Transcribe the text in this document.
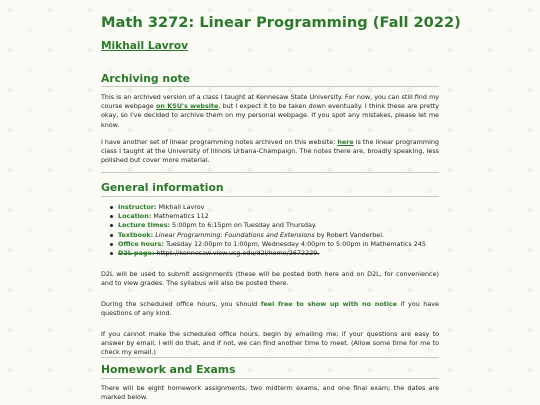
Math 3272: Linear Programming (Fall 2022)
Mikhail Lavrov
Archiving note

This is an archived version of a class I taught at Kennesaw State University. For now, you can still find my course webpage on KSU's website, but I expect it to be taken down eventually. I think these are pretty okay, so I've decided to archive them on my personal webpage. If you spot any mistakes, please let me know.

I have another set of linear programming notes archived on this website: here is the linear programming class I taught at the University of Illinois Urbana-Champaign. The notes there are, broadly speaking, less polished but cover more material.

General information
Instructor: Mikhail Lavrov
Location: Mathematics 112
Lecture times: 5:00pm to 6:15pm on Tuesday and Thursday.
Textbook: Linear Programming: Foundations and Extensions by Robert Vanderbei.
Office hours: Tuesday 12:00pm to 1:00pm, Wednesday 4:00pm to 5:00pm in Mathematics 245
D2L page: https://kennesaw.view.usg.edu/d2l/home/2672229.

D2L will be used to submit assignments (these will be posted both here and on D2L, for convenience) and to view grades. The syllabus will also be posted there.

During the scheduled office hours, you should feel free to show up with no notice if you have questions of any kind.

If you cannot make the scheduled office hours, begin by emailing me; if your questions are easy to answer by email, I will do that, and if not, we can find another time to meet. (Allow some time for me to check my email.)

Homework and Exams

There will be eight homework assignments, two midterm exams, and one final exam; the dates are marked below.
